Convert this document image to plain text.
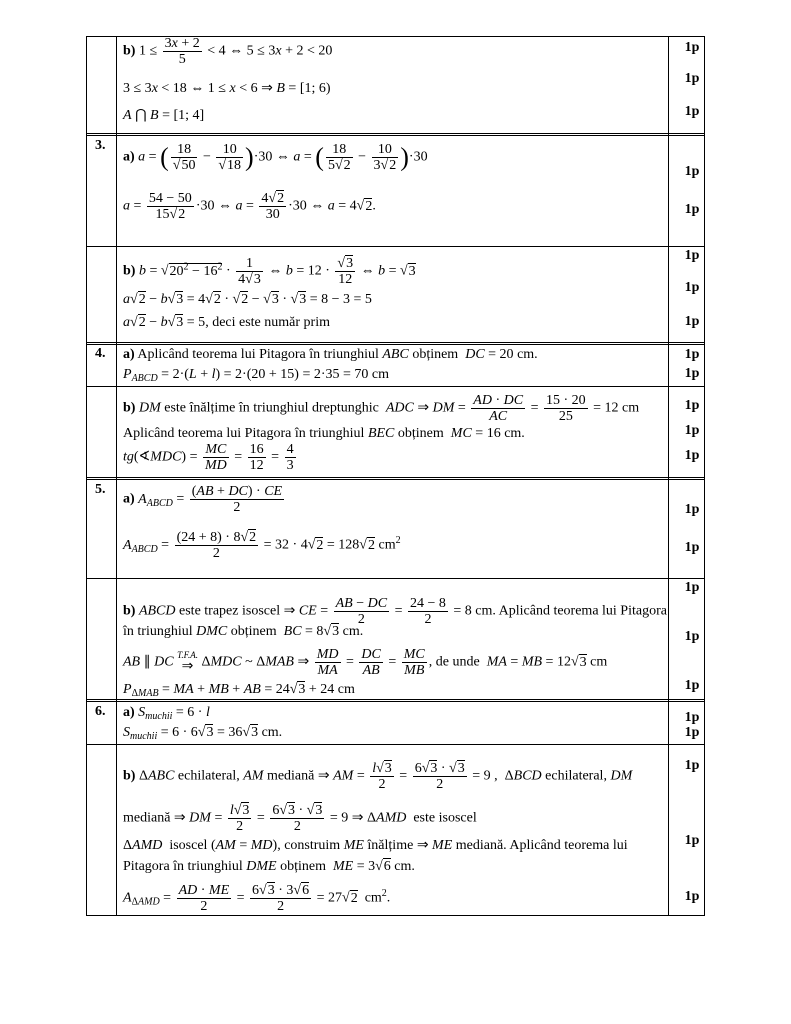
3.
4.
5.
6.
1p
1p
1p
1p
1p
1p
1p
1p
1p
1p
1p
1p
1p
1p
1p
1p
1p
1p
1p
1p
1p
1p
1p
b) $1 \le \frac{3x + 2}{5} < 4$ ⇔ 5 ≤ 3x + 2 < 20
3 ≤ 3x < 18 ⇔ 1 ≤ x < 6 ⇒ B = [1; 6)
A ⋂ B = [1; 4]
a) a = ( $\frac{18}{√50} - \frac{10}{√18} )\cdot 30$ ⇔ a = ( $\frac{18}{5√2} - \frac{10}{3√2} )\cdot 30$
$a = \frac{54 - 50}{15√2} \cdot 30$ ⇔ $a = \frac{4√2}{30} \cdot 30$ ⇔ a = 4√2.
b) $b = √20^2 - 16^2 \cdot \frac{1}{4√3}$ ⇔ $b = 12 \cdot \frac{√3}{12}$ ⇔ b = √3
a√2 − b√3 = 4√2 · √2 − √3 · √3 = 8 − 3 = 5
a√2 − b√3 = 5, deci este număr prim
a) Aplicând teorema lui Pitagora în triunghiul ABC obținem DC = 20 cm.
$P_{ABCD} = 2\cdot(L + l) = 2\cdot(20 + 15) = 2\cdot 35 = 70$ cm
b) DM este înălțime în triunghiul dreptunghic ADC ⇒ DM = $\frac{AD \cdot DC}{AC} = \frac{15 \cdot 20}{25} = 12$ cm
Aplicând teorema lui Pitagora în triunghiul BEC obținem MC = 16 cm.
tg(∢MDC) = $\frac{MC}{MD} = \frac{16}{12} = \frac{4}{3}$
a) $A_{ABCD} = \frac{(AB + DC) \cdot CE}{2}$
$A_{ABCD} = \frac{(24 + 8) \cdot 8√2}{2} = 32 \cdot 4√2 = 128√2$ $cm^2$
b) ABCD este trapez isoscel ⇒ CE = $\frac{AB - DC}{2} = \frac{24 - 8}{2} = 8$ cm. Aplicând teorema lui Pitagora
în triunghiul DMC obținem BC = 8√3 cm.
AB ∥ DC T.F.A.
⇒ ΔMDC ~ ΔMAB ⇒ $\frac{MD}{MA} = \frac{DC}{AB} = \frac{MC}{MB}$ , de unde MA = MB = 12√3 cm
$P_{\Delta MAB}$ = MA + MB + AB = 24√3 + 24 cm
a) $S_{muchii} = 6 \cdot l$
$S_{muchii} = 6 \cdot 6√3 = 36√3$ cm.
b) ΔABC echilateral, AM mediană ⇒ AM = $\frac{l√3}{2} = \frac{6√3 \cdot √3}{2} = 9$ ,  ΔBCD echilateral, DM
mediană ⇒ DM = $\frac{l√3}{2} = \frac{6√3 \cdot √3}{2} = 9$ ⇒ ΔAMD este isoscel
ΔAMD isoscel (AM = MD), construim ME înălțime ⇒ ME mediană. Aplicând teorema lui
Pitagora în triunghiul DME obținem ME = 3√6 cm.
$A_{\Delta AMD} = \frac{AD \cdot ME}{2} = \frac{6√3 \cdot 3√6}{2} = 27√2$  $cm^2$.
